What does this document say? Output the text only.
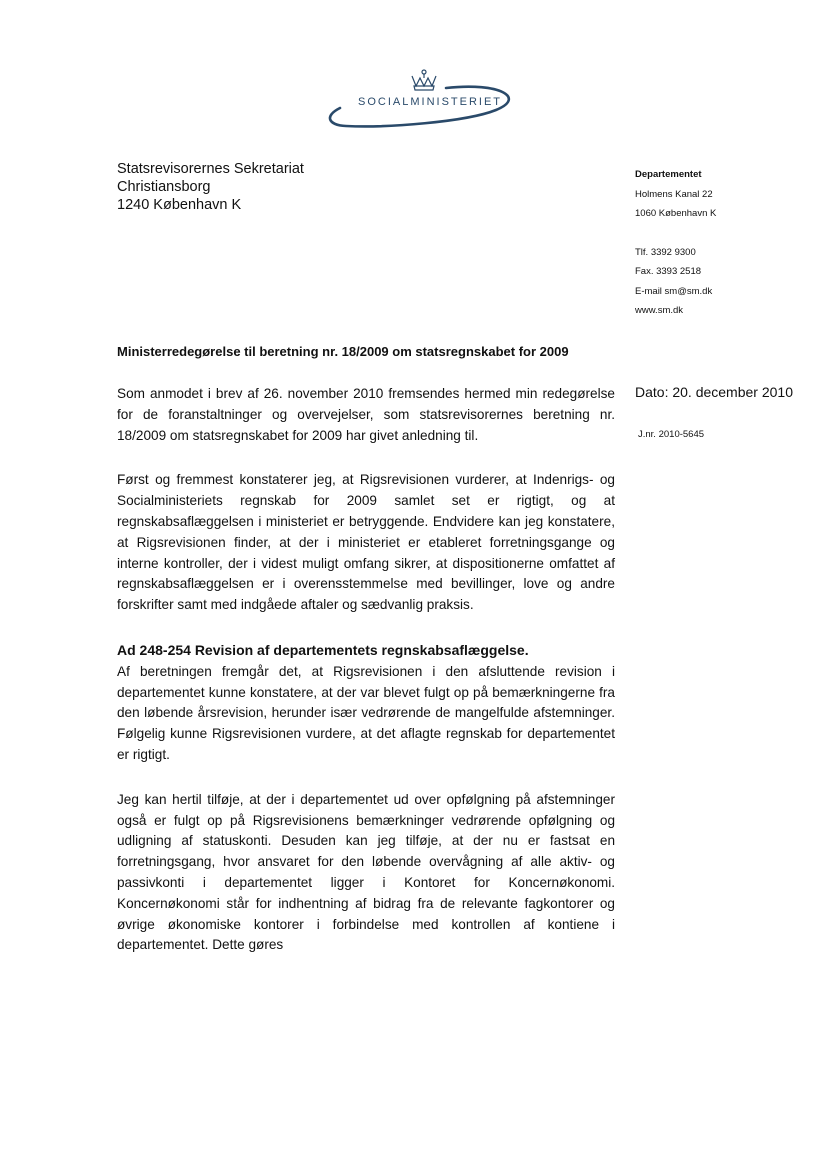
SOCIALMINISTERIET
Statsrevisorernes Sekretariat
Christiansborg
1240 København K
Departementet
Holmens Kanal 22
1060 København K
Tlf. 3392 9300
Fax. 3393 2518
E-mail sm@sm.dk
www.sm.dk
Ministerredegørelse til beretning nr. 18/2009 om statsregnskabet for 2009
Dato: 20. december 2010
J.nr. 2010-5645

Som anmodet i brev af 26. november 2010 fremsendes hermed min redegørelse for de foranstaltninger og overvejelser, som statsrevisorernes beretning nr. 18/2009 om statsregnskabet for 2009 har givet anledning til.

Først og fremmest konstaterer jeg, at Rigsrevisionen vurderer, at Indenrigs- og Socialministeriets regnskab for 2009 samlet set er rigtigt, og at regnskabsaflæggelsen i ministeriet er betryggende. Endvidere kan jeg konstatere, at Rigsrevisionen finder, at der i ministeriet er etableret forretningsgange og interne kontroller, der i videst muligt omfang sikrer, at dispositionerne omfattet af regnskabsaflæggelsen er i overensstemmelse med bevillinger, love og andre forskrifter samt med indgåede aftaler og sædvanlig praksis.

Ad 248-254 Revision af departementets regnskabsaflæggelse.

Af beretningen fremgår det, at Rigsrevisionen i den afsluttende revision i departementet kunne konstatere, at der var blevet fulgt op på bemærkningerne fra den løbende årsrevision, herunder især vedrørende de mangelfulde afstemninger. Følgelig kunne Rigsrevisionen vurdere, at det aflagte regnskab for departementet er rigtigt.

Jeg kan hertil tilføje, at der i departementet ud over opfølgning på afstemninger også er fulgt op på Rigsrevisionens bemærkninger vedrørende opfølgning og udligning af statuskonti. Desuden kan jeg tilføje, at der nu er fastsat en forretningsgang, hvor ansvaret for den løbende overvågning af alle aktiv- og passivkonti i departementet ligger i Kontoret for Koncernøkonomi. Koncernøkonomi står for indhentning af bidrag fra de relevante fagkontorer og øvrige økonomiske kontorer i forbindelse med kontrollen af kontiene i departementet. Dette gøres
